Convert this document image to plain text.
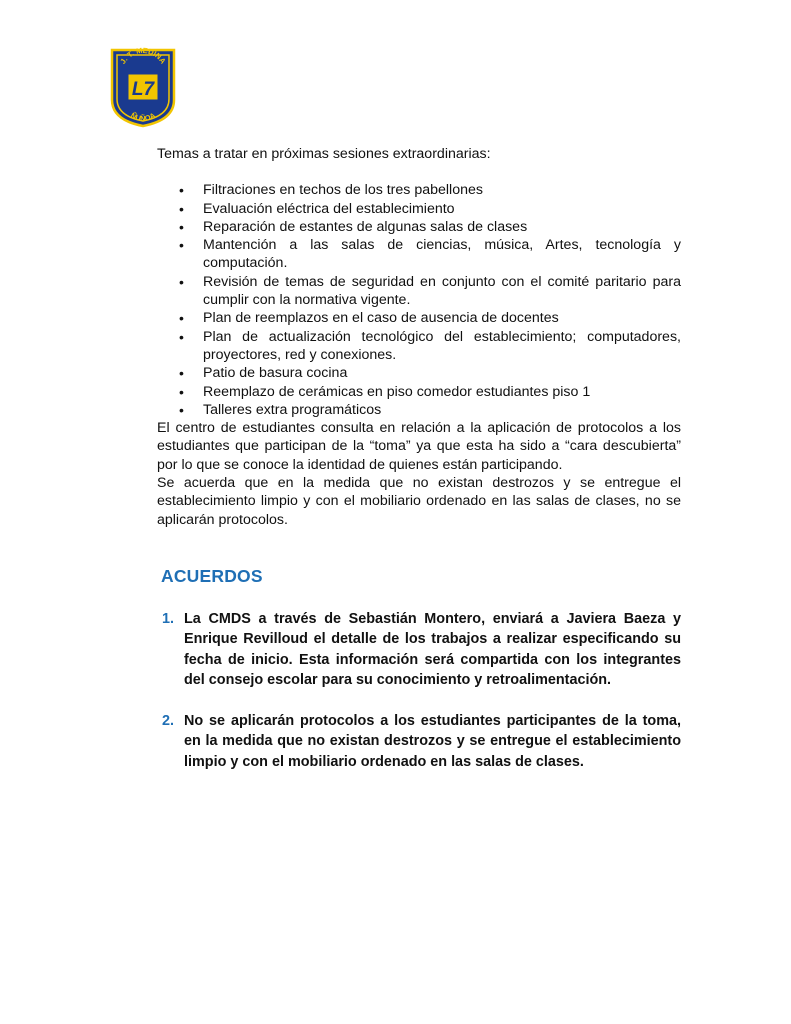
J. T. MEDINA
ÑUÑOA
L7

Temas a tratar en próximas sesiones extraordinarias:

• Filtraciones en techos de los tres pabellones
• Evaluación eléctrica del establecimiento
• Reparación de estantes de algunas salas de clases
• Mantención a las salas de ciencias, música, Artes, tecnología y computación.
• Revisión de temas de seguridad en conjunto con el comité paritario para cumplir con la normativa vigente.
• Plan de reemplazos en el caso de ausencia de docentes
• Plan de actualización tecnológico del establecimiento; computadores, proyectores, red y conexiones.
• Patio de basura cocina
• Reemplazo de cerámicas en piso comedor estudiantes piso 1
• Talleres extra programáticos

El centro de estudiantes consulta en relación a la aplicación de protocolos a los estudiantes que participan de la “toma” ya que esta ha sido a “cara descubierta” por lo que se conoce la identidad de quienes están participando.

Se acuerda que en la medida que no existan destrozos y se entregue el establecimiento limpio y con el mobiliario ordenado en las salas de clases, no se aplicarán protocolos.

ACUERDOS
1. La CMDS a través de Sebastián Montero, enviará a Javiera Baeza y Enrique Revilloud el detalle de los trabajos a realizar especificando su fecha de inicio. Esta información será compartida con los integrantes del consejo escolar para su conocimiento y retroalimentación.
2. No se aplicarán protocolos a los estudiantes participantes de la toma, en la medida que no existan destrozos y se entregue el establecimiento limpio y con el mobiliario ordenado en las salas de clases.
